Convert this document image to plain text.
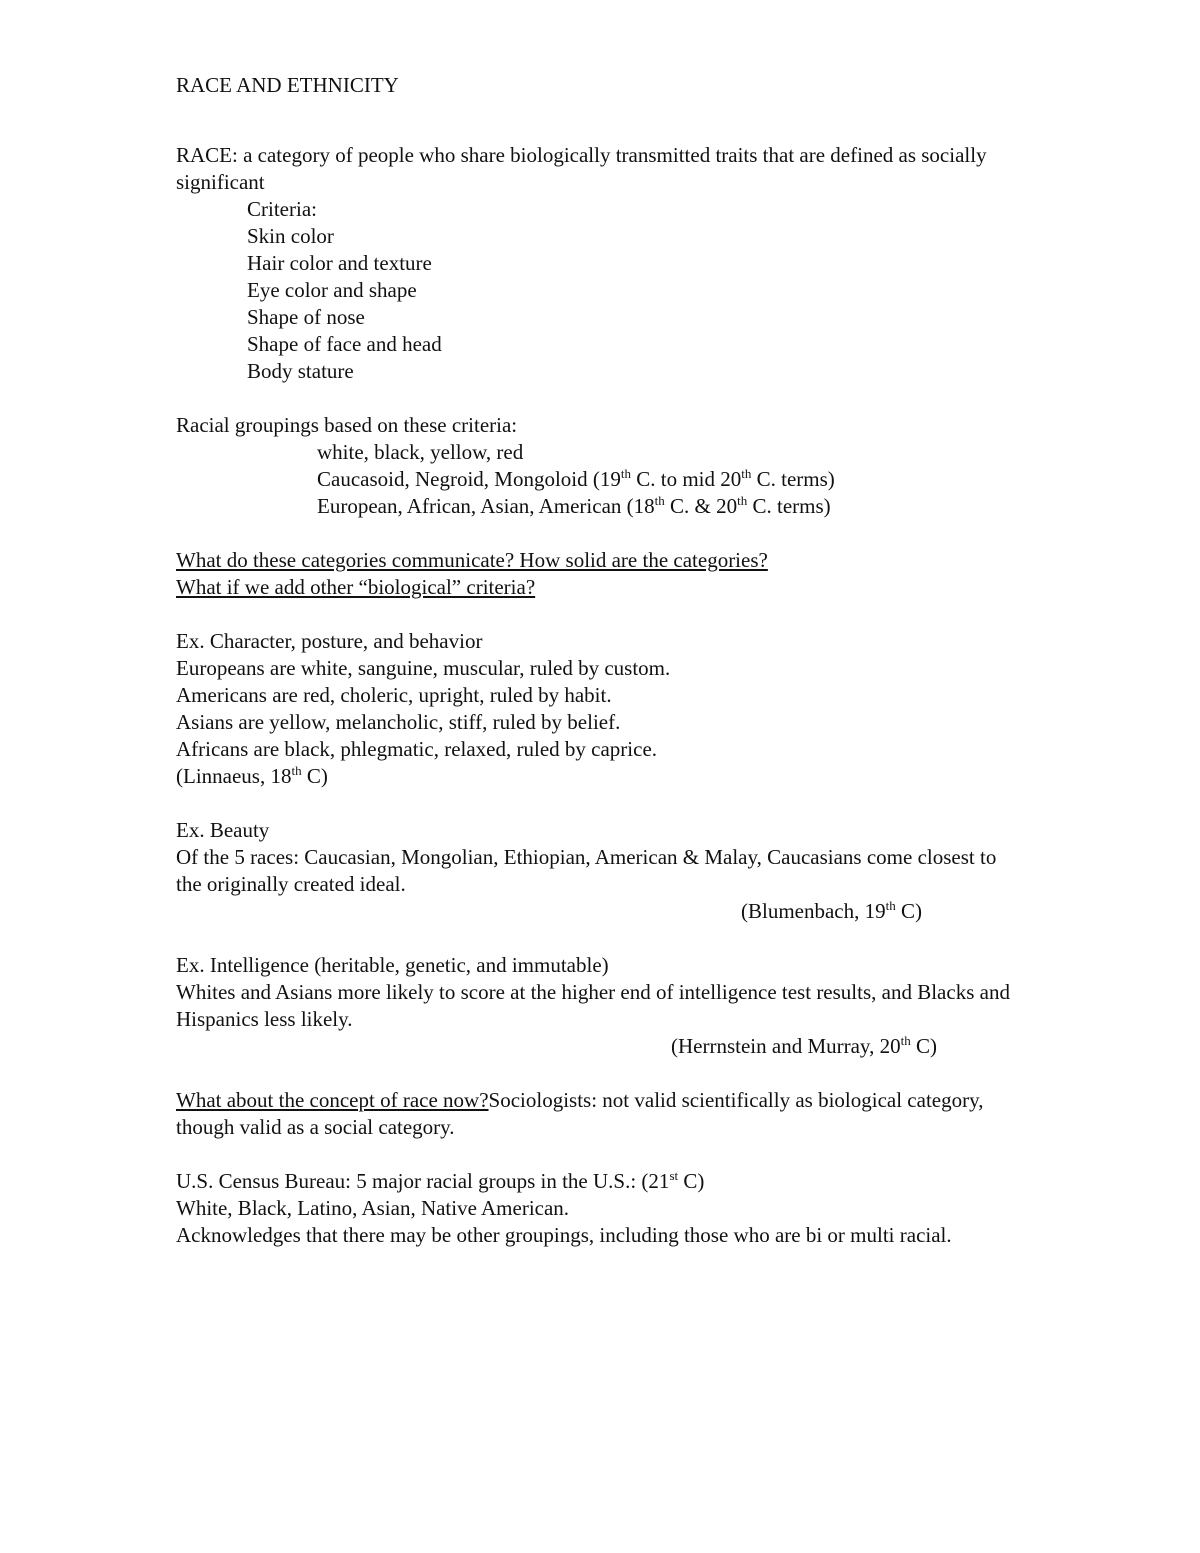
RACE AND ETHNICITY
RACE: a category of people who share biologically transmitted traits that are defined as socially significant
Criteria:
Skin color
Hair color and texture
Eye color and shape
Shape of nose
Shape of face and head
Body stature
Racial groupings based on these criteria:
white, black, yellow, red
Caucasoid, Negroid, Mongoloid (19th C. to mid 20th C. terms)
European, African, Asian, American (18th C. & 20th C. terms)
What do these categories communicate? How solid are the categories?
What if we add other “biological” criteria?
Ex. Character, posture, and behavior
Europeans are white, sanguine, muscular, ruled by custom.
Americans are red, choleric, upright, ruled by habit.
Asians are yellow, melancholic, stiff, ruled by belief.
Africans are black, phlegmatic, relaxed, ruled by caprice.
(Linnaeus, 18th C)
Ex. Beauty
Of the 5 races: Caucasian, Mongolian, Ethiopian, American & Malay, Caucasians come closest to the originally created ideal.
(Blumenbach, 19th C)
Ex. Intelligence (heritable, genetic, and immutable)
Whites and Asians more likely to score at the higher end of intelligence test results, and Blacks and Hispanics less likely.
(Herrnstein and Murray, 20th C)
What about the concept of race now?Sociologists: not valid scientifically as biological category, though valid as a social category.
U.S. Census Bureau: 5 major racial groups in the U.S.: (21st C)
White, Black, Latino, Asian, Native American.
Acknowledges that there may be other groupings, including those who are bi or multi racial.
